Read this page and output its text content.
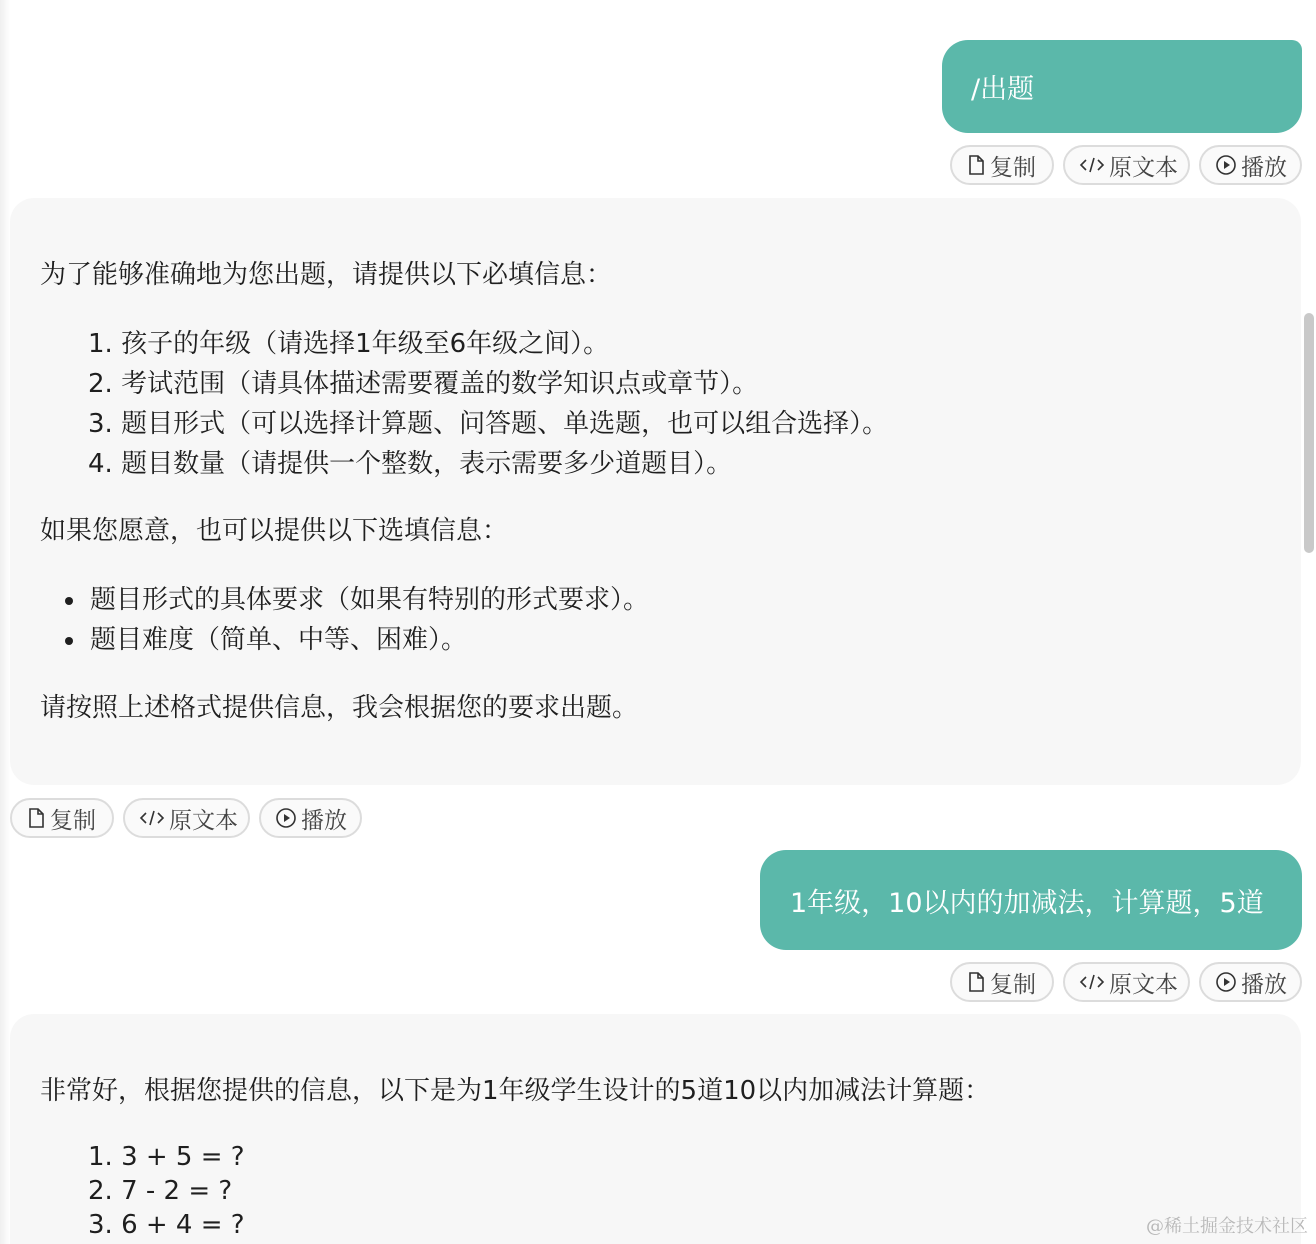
/出题
复制	原文本	播放
为了能够准确地为您出题，请提供以下必填信息：
1. 孩子的年级（请选择1年级至6年级之间）。
2. 考试范围（请具体描述需要覆盖的数学知识点或章节）。
3. 题目形式（可以选择计算题、问答题、单选题，也可以组合选择）。
4. 题目数量（请提供一个整数，表示需要多少道题目）。
如果您愿意，也可以提供以下选填信息：
题目形式的具体要求（如果有特别的形式要求）。
题目难度（简单、中等、困难）。
请按照上述格式提供信息，我会根据您的要求出题。
复制	原文本	播放
1年级，10以内的加减法，计算题，5道
复制	原文本	播放
非常好，根据您提供的信息，以下是为1年级学生设计的5道10以内加减法计算题：
1. 3 + 5 = ?
2. 7 - 2 = ?
3. 6 + 4 = ?	@稀土掘金技术社区
